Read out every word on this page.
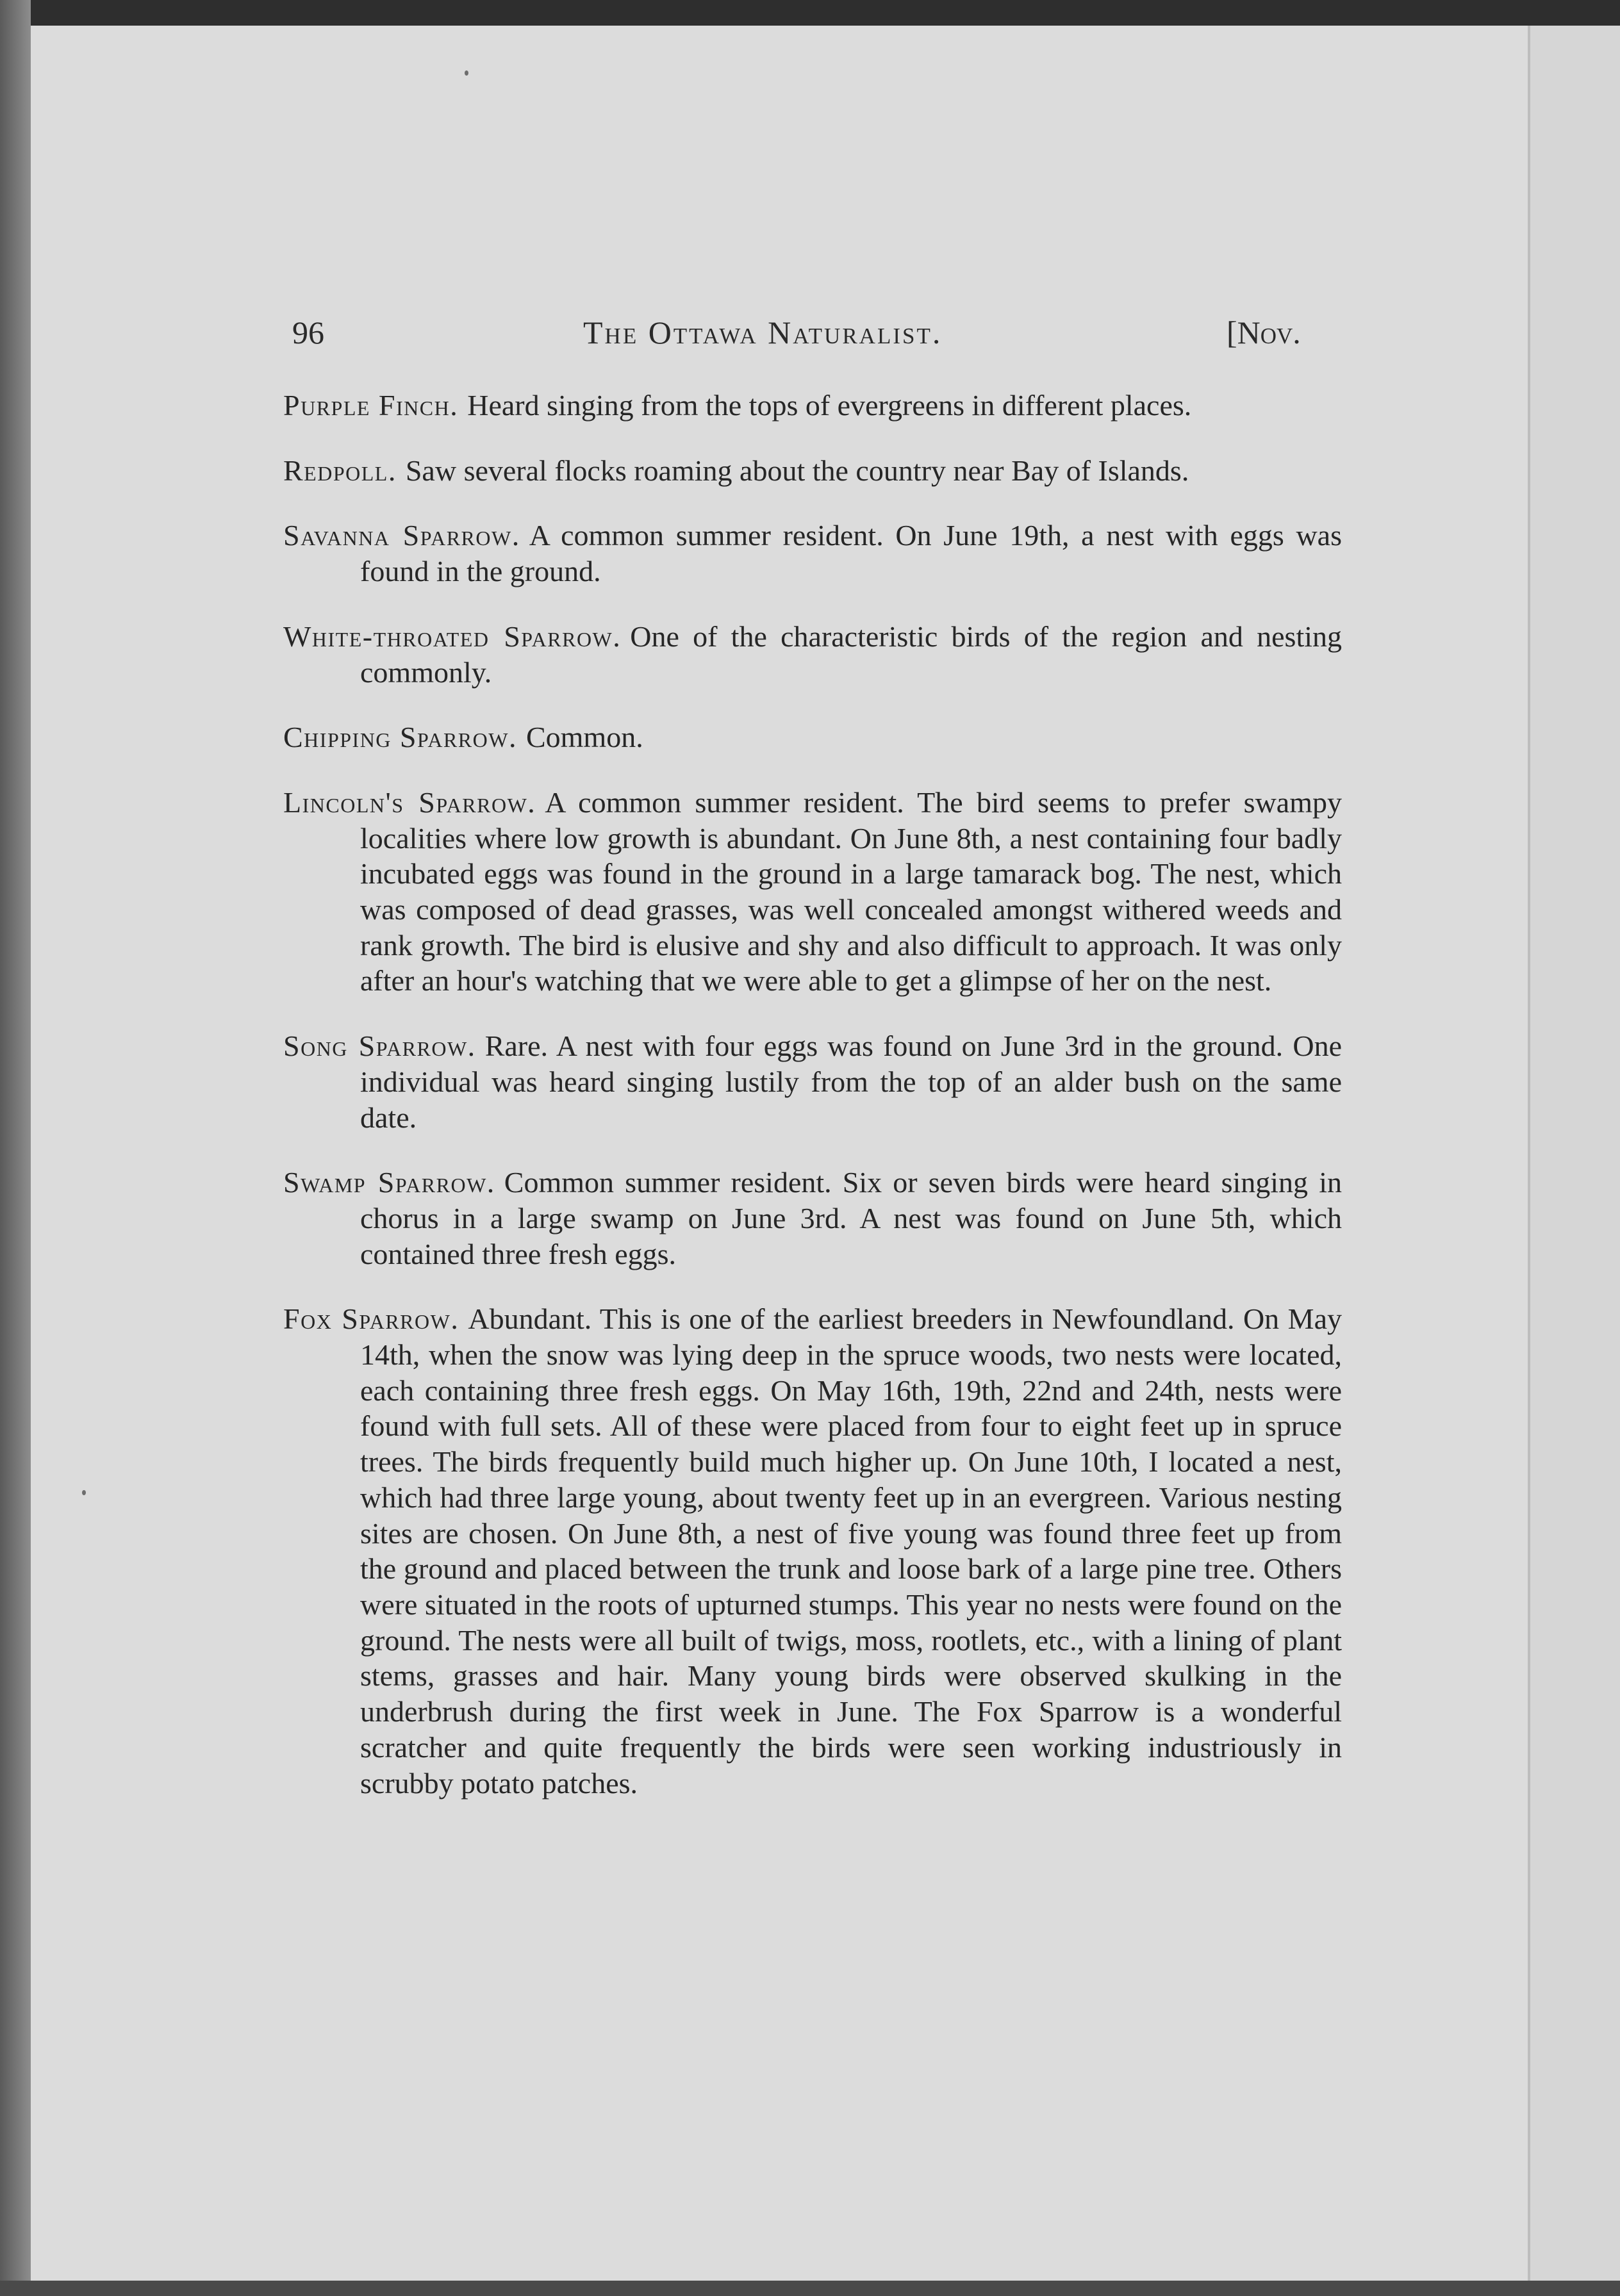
96	The Ottawa Naturalist.	[Nov.

Purple Finch. Heard singing from the tops of evergreens in different places.

Redpoll. Saw several flocks roaming about the country near Bay of Islands.

Savanna Sparrow. A common summer resident. On June 19th, a nest with eggs was found in the ground.

White-throated Sparrow. One of the characteristic birds of the region and nesting commonly.

Chipping Sparrow. Common.

Lincoln's Sparrow. A common summer resident. The bird seems to prefer swampy localities where low growth is abundant. On June 8th, a nest containing four badly incubated eggs was found in the ground in a large tamarack bog. The nest, which was composed of dead grasses, was well concealed amongst withered weeds and rank growth. The bird is elusive and shy and also difficult to approach. It was only after an hour's watching that we were able to get a glimpse of her on the nest.

Song Sparrow. Rare. A nest with four eggs was found on June 3rd in the ground. One individual was heard singing lustily from the top of an alder bush on the same date.

Swamp Sparrow. Common summer resident. Six or seven birds were heard singing in chorus in a large swamp on June 3rd. A nest was found on June 5th, which contained three fresh eggs.

Fox Sparrow. Abundant. This is one of the earliest breeders in Newfoundland. On May 14th, when the snow was lying deep in the spruce woods, two nests were located, each containing three fresh eggs. On May 16th, 19th, 22nd and 24th, nests were found with full sets. All of these were placed from four to eight feet up in spruce trees. The birds frequently build much higher up. On June 10th, I located a nest, which had three large young, about twenty feet up in an evergreen. Various nesting sites are chosen. On June 8th, a nest of five young was found three feet up from the ground and placed between the trunk and loose bark of a large pine tree. Others were situated in the roots of upturned stumps. This year no nests were found on the ground. The nests were all built of twigs, moss, rootlets, etc., with a lining of plant stems, grasses and hair. Many young birds were observed skulking in the underbrush during the first week in June. The Fox Sparrow is a wonderful scratcher and quite frequently the birds were seen working industriously in scrubby potato patches.
